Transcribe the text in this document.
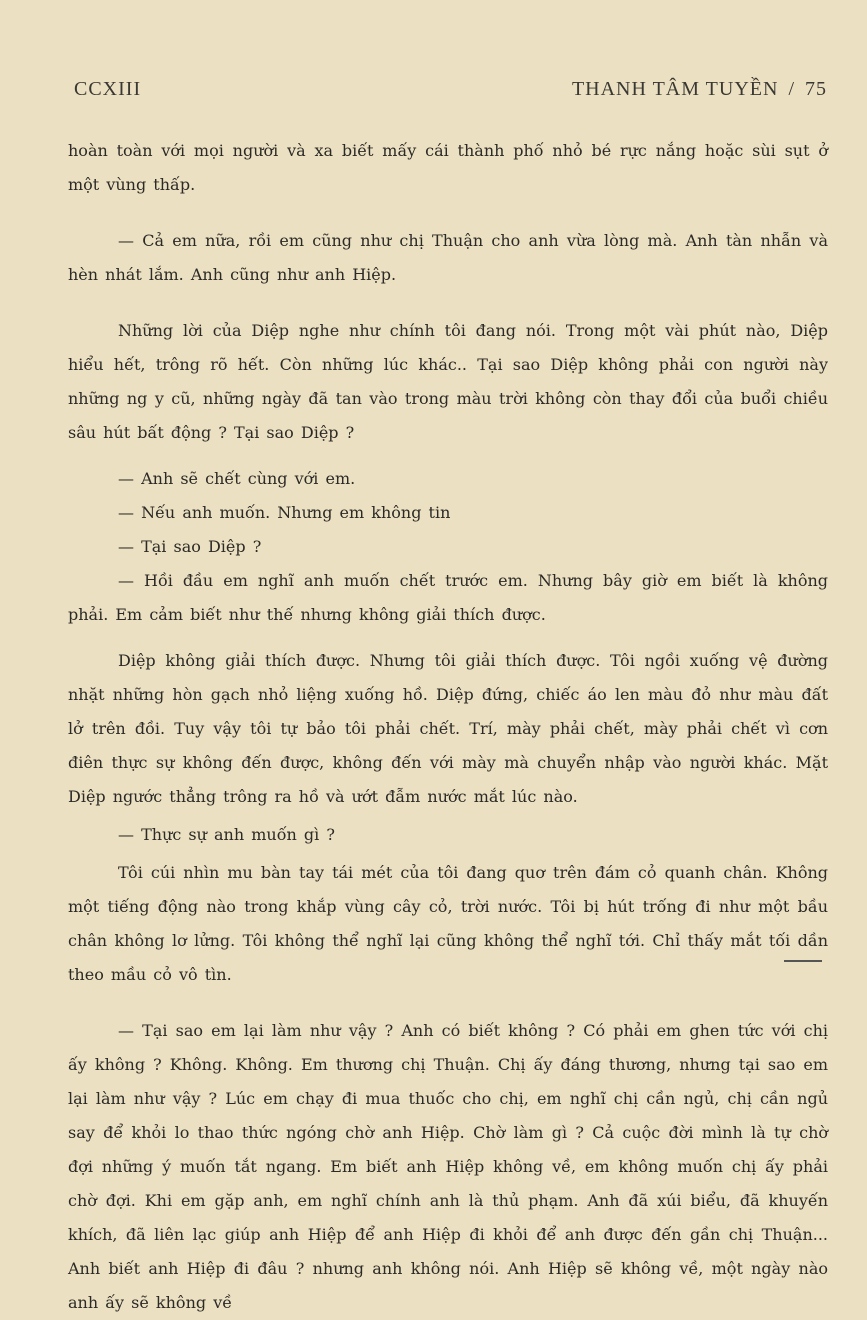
CCXIII	THANH TÂM TUYỀN / 75

hoàn toàn với mọi người và xa biết mấy cái thành phố nhỏ bé rực nắng hoặc sùi sụt ở một vùng thấp.

— Cả em nữa, rồi em cũng như chị Thuận cho anh vừa lòng mà. Anh tàn nhẫn và hèn nhát lắm. Anh cũng như anh Hiệp.

Những lời của Diệp nghe như chính tôi đang nói. Trong một vài phút nào, Diệp hiểu hết, trông rõ hết. Còn những lúc khác.. Tại sao Diệp không phải con người này những ng y cũ, những ngày đã tan vào trong màu trời không còn thay đổi của buổi chiều sâu hút bất động ? Tại sao Diệp ?

— Anh sẽ chết cùng với em.

— Nếu anh muốn. Nhưng em không tin

— Tại sao Diệp ?

— Hồi đầu em nghĩ anh muốn chết trước em. Nhưng bây giờ em biết là không phải. Em cảm biết như thế nhưng không giải thích được.

Diệp không giải thích được. Nhưng tôi giải thích được. Tôi ngồi xuống vệ đường nhặt những hòn gạch nhỏ liệng xuống hồ. Diệp đứng, chiếc áo len màu đỏ như màu đất lở trên đồi. Tuy vậy tôi tự bảo tôi phải chết. Trí, mày phải chết, mày phải chết vì cơn điên thực sự không đến được, không đến với mày mà chuyển nhập vào người khác. Mặt Diệp ngước thẳng trông ra hồ và ướt đẫm nước mắt lúc nào.

— Thực sự anh muốn gì ?

Tôi cúi nhìn mu bàn tay tái mét của tôi đang quơ trên đám cỏ quanh chân. Không một tiếng động nào trong khắp vùng cây cỏ, trời nước. Tôi bị hút trống đi như một bầu chân không lơ lửng. Tôi không thể nghĩ lại cũng không thể nghĩ tới. Chỉ thấy mắt tối dần theo mầu cỏ vô tìn.

— Tại sao em lại làm như vậy ? Anh có biết không ? Có phải em ghen tức với chị ấy không ? Không. Không. Em thương chị Thuận. Chị ấy đáng thương, nhưng tại sao em lại làm như vậy ? Lúc em chạy đi mua thuốc cho chị, em nghĩ chị cần ngủ, chị cần ngủ say để khỏi lo thao thức ngóng chờ anh Hiệp. Chờ làm gì ? Cả cuộc đời mình là tự chờ đợi những ý muốn tắt ngang. Em biết anh Hiệp không về, em không muốn chị ấy phải chờ đợi. Khi em gặp anh, em nghĩ chính anh là thủ phạm. Anh đã xúi biểu, đã khuyến khích, đã liên lạc giúp anh Hiệp để anh Hiệp đi khỏi để anh được đến gần chị Thuận... Anh biết anh Hiệp đi đâu ? nhưng anh không nói. Anh Hiệp sẽ không về, một ngày nào anh ấy sẽ không về
